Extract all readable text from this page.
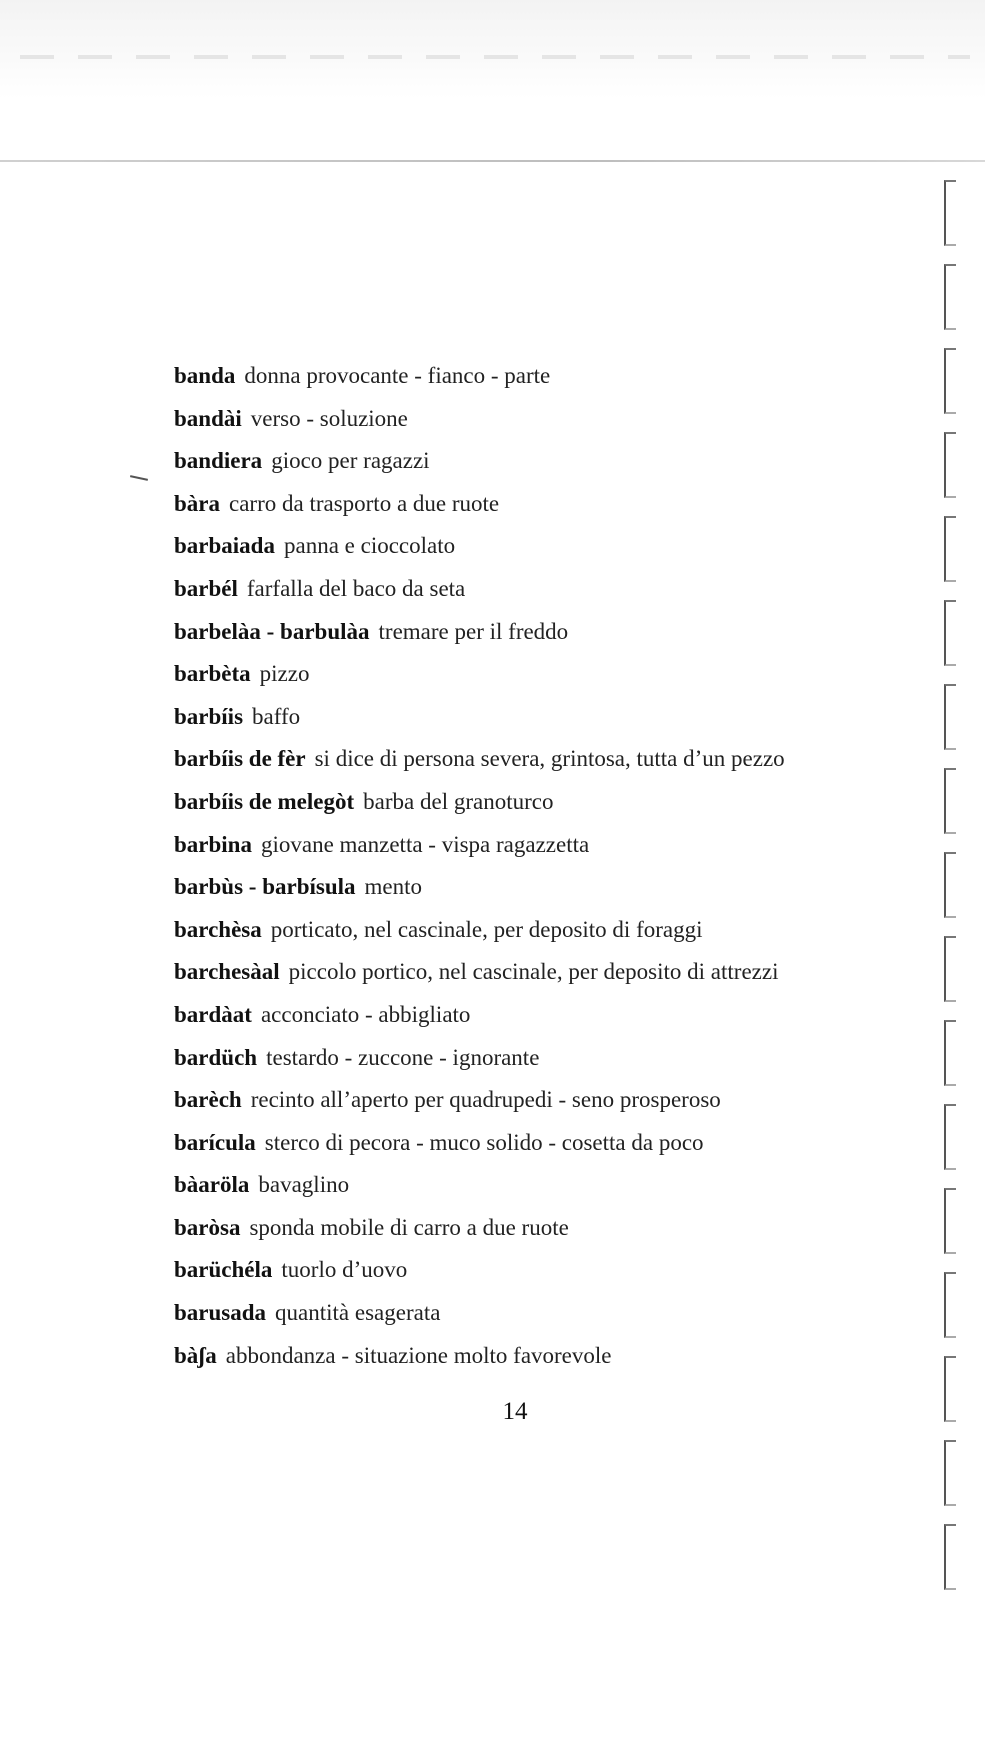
banda donna provocante - fianco - parte
bandài verso - soluzione
bandiera gioco per ragazzi
bàra carro da trasporto a due ruote
barbaiada panna e cioccolato
barbél farfalla del baco da seta
barbelàa - barbulàa tremare per il freddo
barbèta pizzo
barbíis baffo
barbíis de fèr si dice di persona severa, grintosa, tutta d’un pezzo
barbíis de melegòt barba del granoturco
barbina giovane manzetta - vispa ragazzetta
barbùs - barbísula mento
barchèsa porticato, nel cascinale, per deposito di foraggi
barchesàal piccolo portico, nel cascinale, per deposito di attrezzi
bardàat acconciato - abbigliato
bardüch testardo - zuccone - ignorante
barèch recinto all’aperto per quadrupedi - seno prosperoso
barícula sterco di pecora - muco solido - cosetta da poco
bàaröla bavaglino
baròsa sponda mobile di carro a due ruote
barüchéla tuorlo d’uovo
barusada quantità esagerata
bàʃa abbondanza - situazione molto favorevole
14
